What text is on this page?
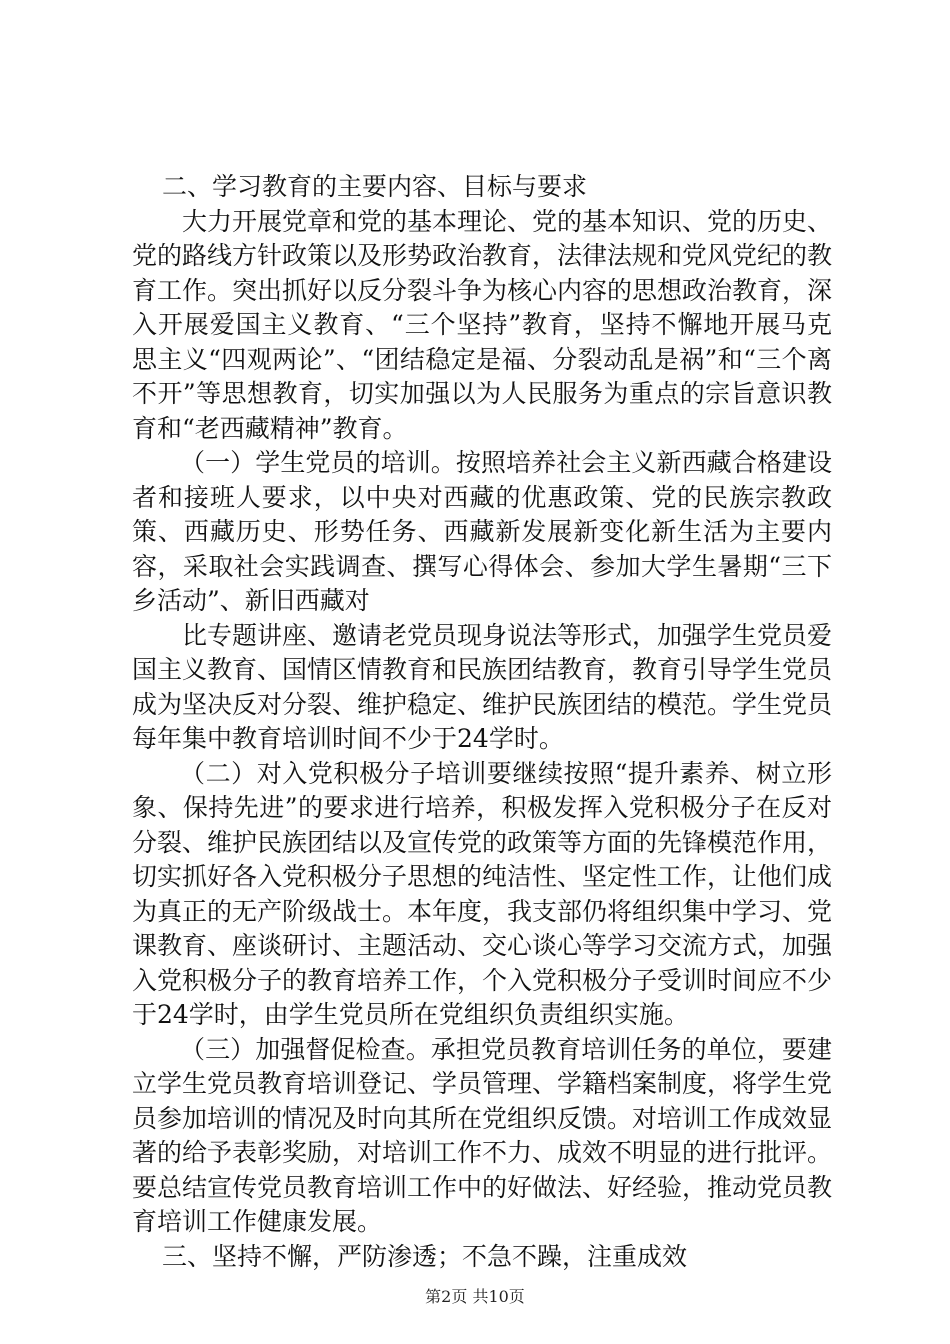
二、学习教育的主要内容、目标与要求

大力开展党章和党的基本理论、党的基本知识、党的历史、党的路线方针政策以及形势政治教育，法律法规和党风党纪的教育工作。突出抓好以反分裂斗争为核心内容的思想政治教育，深入开展爱国主义教育、“三个坚持”教育，坚持不懈地开展马克思主义“四观两论”、“团结稳定是福、分裂动乱是祸”和“三个离不开”等思想教育，切实加强以为人民服务为重点的宗旨意识教育和“老西藏精神”教育。

（一）学生党员的培训。按照培养社会主义新西藏合格建设者和接班人要求，以中央对西藏的优惠政策、党的民族宗教政策、西藏历史、形势任务、西藏新发展新变化新生活为主要内容，采取社会实践调查、撰写心得体会、参加大学生暑期“三下乡活动”、新旧西藏对

比专题讲座、邀请老党员现身说法等形式，加强学生党员爱国主义教育、国情区情教育和民族团结教育，教育引导学生党员成为坚决反对分裂、维护稳定、维护民族团结的模范。学生党员每年集中教育培训时间不少于24学时。

（二）对入党积极分子培训要继续按照“提升素养、树立形象、保持先进”的要求进行培养，积极发挥入党积极分子在反对分裂、维护民族团结以及宣传党的政策等方面的先锋模范作用，切实抓好各入党积极分子思想的纯洁性、坚定性工作，让他们成为真正的无产阶级战士。本年度，我支部仍将组织集中学习、党课教育、座谈研讨、主题活动、交心谈心等学习交流方式，加强入党积极分子的教育培养工作，个入党积极分子受训时间应不少于24学时，由学生党员所在党组织负责组织实施。

（三）加强督促检查。承担党员教育培训任务的单位，要建立学生党员教育培训登记、学员管理、学籍档案制度，将学生党员参加培训的情况及时向其所在党组织反馈。对培训工作成效显著的给予表彰奖励，对培训工作不力、成效不明显的进行批评。要总结宣传党员教育培训工作中的好做法、好经验，推动党员教育培训工作健康发展。

三、坚持不懈，严防渗透；不急不躁，注重成效

第2页 共10页
